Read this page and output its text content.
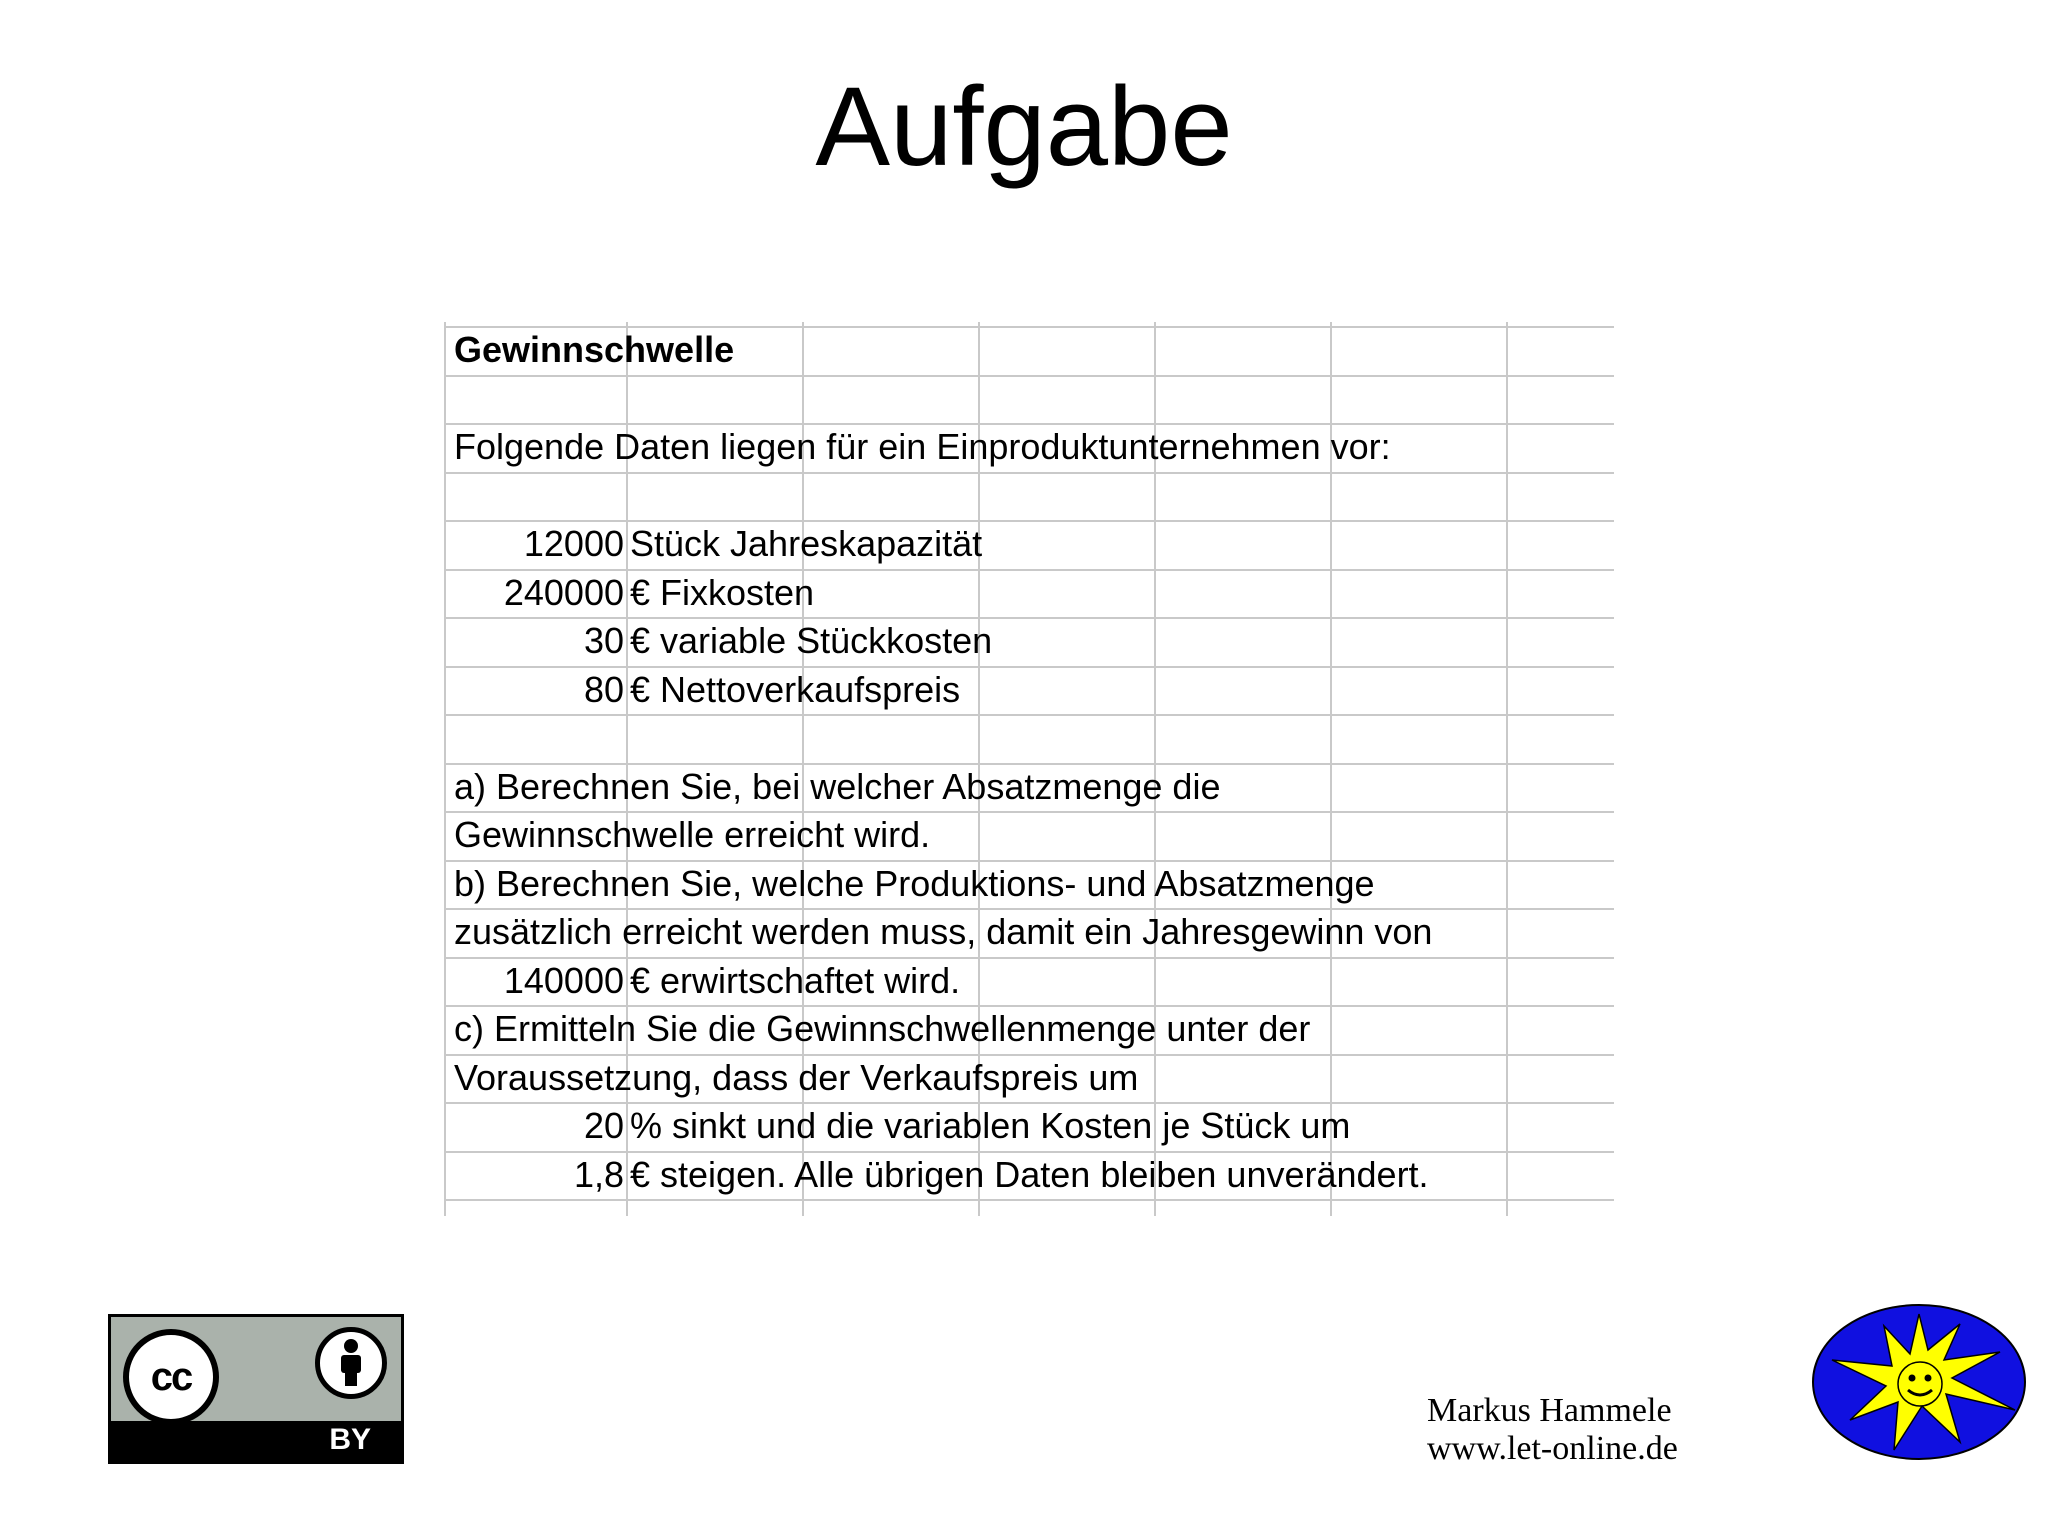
Aufgabe
Gewinnschwelle
Folgende Daten liegen für ein Einproduktunternehmen vor:
12000 Stück Jahreskapazität
240000 € Fixkosten
30 € variable Stückkosten
80 € Nettoverkaufspreis
a) Berechnen Sie, bei welcher Absatzmenge die
Gewinnschwelle erreicht wird.
b) Berechnen Sie, welche Produktions- und Absatzmenge
zusätzlich erreicht werden muss, damit ein Jahresgewinn von
140000 € erwirtschaftet wird.
c) Ermitteln Sie die Gewinnschwellenmenge unter der
Voraussetzung, dass der Verkaufspreis um
20 % sinkt und die variablen Kosten je Stück um
1,8 € steigen. Alle übrigen Daten bleiben unverändert.
cc
BY
Markus Hammele
www.let-online.de
